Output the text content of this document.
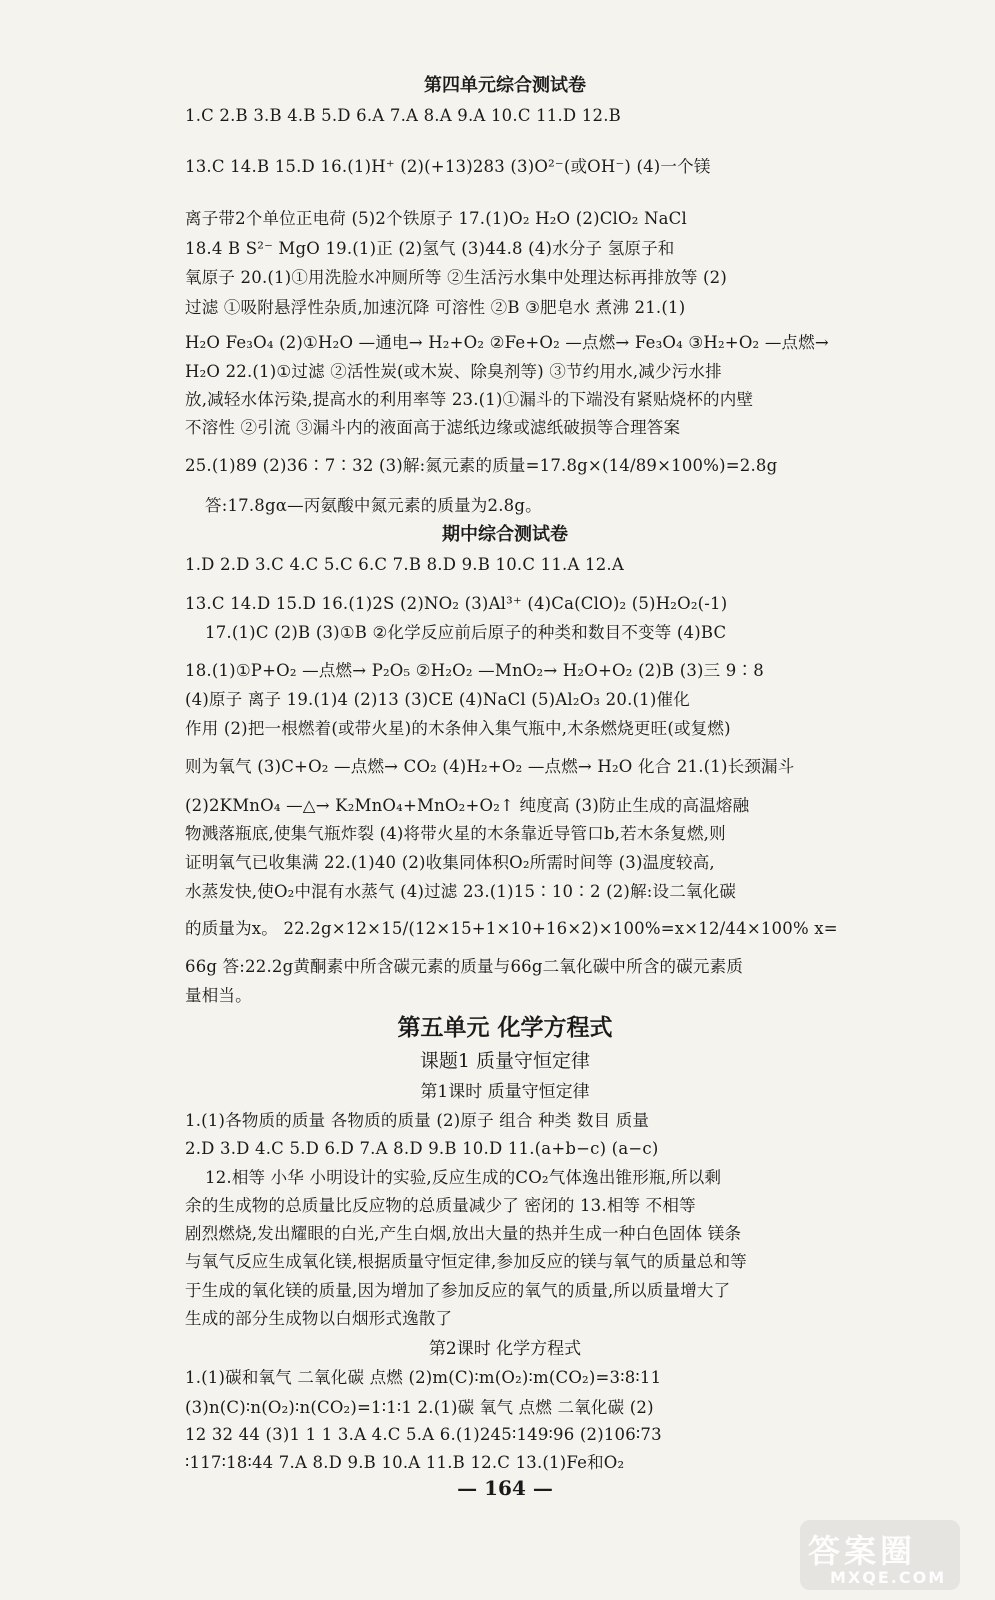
第四单元综合测试卷
1.C 2.B 3.B 4.B 5.D 6.A 7.A 8.A 9.A 10.C 11.D 12.B
13.C 14.B 15.D 16.(1)H⁺ (2)(+13)283 (3)O²⁻(或OH⁻) (4)一个镁
离子带2个单位正电荷 (5)2个铁原子 17.(1)O₂ H₂O (2)ClO₂ NaCl
18.4 B S²⁻ MgO 19.(1)正 (2)氢气 (3)44.8 (4)水分子 氢原子和
氧原子 20.(1)①用洗脸水冲厕所等 ②生活污水集中处理达标再排放等 (2)
过滤 ①吸附悬浮性杂质,加速沉降 可溶性 ②B ③肥皂水 煮沸 21.(1)
H₂O Fe₃O₄ (2)①H₂O —通电→ H₂+O₂ ②Fe+O₂ —点燃→ Fe₃O₄ ③H₂+O₂ —点燃→
H₂O 22.(1)①过滤 ②活性炭(或木炭、除臭剂等) ③节约用水,减少污水排
放,减轻水体污染,提高水的利用率等 23.(1)①漏斗的下端没有紧贴烧杯的内壁
不溶性 ②引流 ③漏斗内的液面高于滤纸边缘或滤纸破损等合理答案
25.(1)89 (2)36∶7∶32 (3)解:氮元素的质量=17.8g×(14/89×100%)=2.8g
答:17.8gα—丙氨酸中氮元素的质量为2.8g。
期中综合测试卷
1.D 2.D 3.C 4.C 5.C 6.C 7.B 8.D 9.B 10.C 11.A 12.A
13.C 14.D 15.D 16.(1)2S (2)NO₂ (3)Al³⁺ (4)Ca(ClO)₂ (5)H₂O₂(-1)
17.(1)C (2)B (3)①B ②化学反应前后原子的种类和数目不变等 (4)BC
18.(1)①P+O₂ —点燃→ P₂O₅ ②H₂O₂ —MnO₂→ H₂O+O₂ (2)B (3)三 9∶8
(4)原子 离子 19.(1)4 (2)13 (3)CE (4)NaCl (5)Al₂O₃ 20.(1)催化
作用 (2)把一根燃着(或带火星)的木条伸入集气瓶中,木条燃烧更旺(或复燃)
则为氧气 (3)C+O₂ —点燃→ CO₂ (4)H₂+O₂ —点燃→ H₂O 化合 21.(1)长颈漏斗
(2)2KMnO₄ —△→ K₂MnO₄+MnO₂+O₂↑ 纯度高 (3)防止生成的高温熔融
物溅落瓶底,使集气瓶炸裂 (4)将带火星的木条靠近导管口b,若木条复燃,则
证明氧气已收集满 22.(1)40 (2)收集同体积O₂所需时间等 (3)温度较高,
水蒸发快,使O₂中混有水蒸气 (4)过滤 23.(1)15∶10∶2 (2)解:设二氧化碳
的质量为x。 22.2g×12×15/(12×15+1×10+16×2)×100%=x×12/44×100% x=
66g 答:22.2g黄酮素中所含碳元素的质量与66g二氧化碳中所含的碳元素质
量相当。
第五单元 化学方程式
课题1 质量守恒定律
第1课时 质量守恒定律
1.(1)各物质的质量 各物质的质量 (2)原子 组合 种类 数目 质量
2.D 3.D 4.C 5.D 6.D 7.A 8.D 9.B 10.D 11.(a+b−c) (a−c)
12.相等 小华 小明设计的实验,反应生成的CO₂气体逸出锥形瓶,所以剩
余的生成物的总质量比反应物的总质量减少了 密闭的 13.相等 不相等
剧烈燃烧,发出耀眼的白光,产生白烟,放出大量的热并生成一种白色固体 镁条
与氧气反应生成氧化镁,根据质量守恒定律,参加反应的镁与氧气的质量总和等
于生成的氧化镁的质量,因为增加了参加反应的氧气的质量,所以质量增大了
生成的部分生成物以白烟形式逸散了
第2课时 化学方程式
1.(1)碳和氧气 二氧化碳 点燃 (2)m(C)∶m(O₂)∶m(CO₂)=3∶8∶11
(3)n(C)∶n(O₂)∶n(CO₂)=1∶1∶1 2.(1)碳 氧气 点燃 二氧化碳 (2)
12 32 44 (3)1 1 1 3.A 4.C 5.A 6.(1)245∶149∶96 (2)106∶73
∶117∶18∶44 7.A 8.D 9.B 10.A 11.B 12.C 13.(1)Fe和O₂
— 164 —
答案圈
MXQE.COM
